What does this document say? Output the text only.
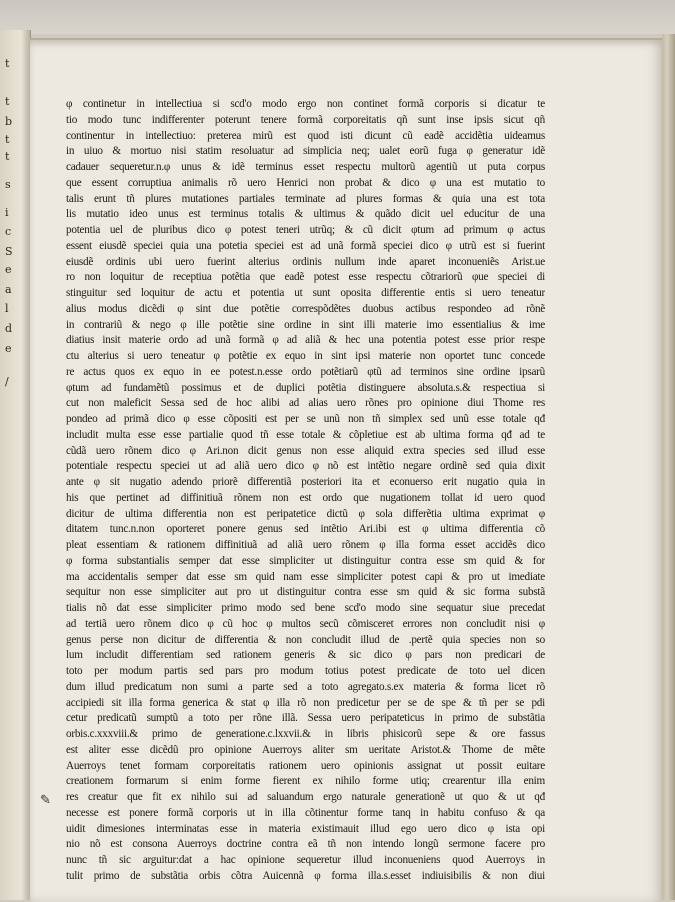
t
t
b
t
t
s
i
c
S
e
a
l
d
e
/
φ continetur in intellectiua si scd'o modo ergo non continet formã corporis si dicatur te
tio modo tunc indifferenter poterunt tenere formã corporeitatis qñ sunt inse ipsis sicut qñ
continentur in intellectiuo: preterea mirũ est quod isti dicunt cũ eadẽ accidẽtia uideamus
in uiuo & mortuo nisi statim resoluatur ad simplicia neq; ualet eorũ fuga φ generatur idẽ
cadauer sequeretur.n.φ unus & idẽ terminus esset respectu multorũ agentiũ ut puta corpus
que essent corruptiua animalis rõ uero Henrici non probat & dico φ una est mutatio to
talis erunt tñ plures mutationes partiales terminate ad plures formas & quia una est tota
lis mutatio ideo unus est terminus totalis & ultimus & quãdo dicit uel educitur de una
potentia uel de pluribus dico φ potest teneri utrũq; & cũ dicit φtum ad primum φ actus
essent eiusdẽ speciei quia una potetia speciei est ad unã formã speciei dico φ utrũ est si fuerint
eiusdẽ ordinis ubi uero fuerint alterius ordinis nullum inde aparet inconueniẽs Arist.ue
ro non loquitur de receptiua potẽtia que eadẽ potest esse respectu cõtrariorũ φue speciei di
stinguitur sed loquitur de actu et potentia ut sunt oposita differentie entis si uero teneatur
alius modus dicẽdi φ sint due potẽtie correspõdẽtes duobus actibus respondeo ad rõnẽ
in contrariũ & nego φ ille potẽtie sine ordine in sint illi materie imo essentialius & ime
diatius insit materie ordo ad unã formã φ ad aliã & hec una potentia potest esse prior respe
ctu alterius si uero teneatur φ potẽtie ex equo in sint ipsi materie non oportet tunc concede
re actus quos ex equo in ee potest.n.esse ordo potẽtiarũ φtũ ad terminos sine ordine ipsarũ
φtum ad fundamẽtũ possimus et de duplici potẽtia distinguere absoluta.s.& respectiua si
cut non maleficit Sessa sed de hoc alibi ad alias uero rõnes pro opinione diui Thome res
pondeo ad primã dico φ esse cõpositi est per se unũ non tñ simplex sed unũ esse totale qđ
includit multa esse esse partialie quod tñ esse totale & cõpletiue est ab ultima forma qđ ad te
cũdã uero rõnem dico φ Ari.non dicit genus non esse aliquid extra species sed illud esse
potentiale respectu speciei ut ad aliã uero dico φ nõ est intẽtio negare ordinẽ sed quia dixit
ante φ sit nugatio adendo priorẽ differentiã posteriori ita et econuerso erit nugatio quia in
his que pertinet ad diffinitiuã rõnem non est ordo que nugationem tollat id uero quod
dicitur de ultima differentia non est peripatetice dictũ φ sola differẽtia ultima exprimat φ
ditatem tunc.n.non oporteret ponere genus sed intẽtio Ari.ibi est φ ultima differentia cõ
pleat essentiam & rationem diffinitiuã ad aliã uero rõnem φ illa forma esset accidẽs dico
φ forma substantialis semper dat esse simpliciter ut distinguitur contra esse sm quid & for
ma accidentalis semper dat esse sm quid nam esse simpliciter potest capi & pro ut imediate
sequitur non esse simpliciter aut pro ut distinguitur contra esse sm quid & sic forma substã
tialis nõ dat esse simpliciter primo modo sed bene scd'o modo sine sequatur siue precedat
ad tertiã uero rõnem dico φ cũ hoc φ multos secũ cõmisceret errores non concludit nisi φ
genus perse non dicitur de differentia & non concludit illud de .pertẽ quia species non so
lum includit differentiam sed rationem generis & sic dico φ pars non predicari de
toto per modum partis sed pars pro modum totius potest predicate de toto uel dicen
dum illud predicatum non sumi a parte sed a toto agregato.s.ex materia & forma licet rõ
accipiedi sit illa forma generica & stat φ illa rõ non predicetur per se de spe & tñ per se pdi
cetur predicatũ sumptũ a toto per rõne illã. Sessa uero peripateticus in primo de substãtia
orbis.c.xxxviii.& primo de generatione.c.lxxvii.& in libris phisicorũ sepe & ore fassus
est aliter esse dicẽdũ pro opinione Auerroys aliter sm ueritate Aristot.& Thome de mẽte
Auerroys tenet formam corporeitatis rationem uero opinionis assignat ut possit euitare
creationem formarum si enim forme fierent ex nihilo forme utiq; crearentur illa enim
res creatur que fit ex nihilo sui ad saluandum ergo naturale generationẽ ut quo & ut qđ
necesse est ponere formã corporis ut in illa cõtinentur forme tanq in habitu confuso & qa
uidit dimesiones interminatas esse in materia existimauit illud ego uero dico φ ista opi
nio nõ est consona Auerroys doctrine contra eã tñ non intendo longũ sermone facere pro
nunc tñ sic arguitur:dat a hac opinione sequeretur illud inconueniens quod Auerroys in
tulit primo de substãtia orbis cõtra Auicennã φ forma illa.s.esset indiuisibilis & non diui
✎
